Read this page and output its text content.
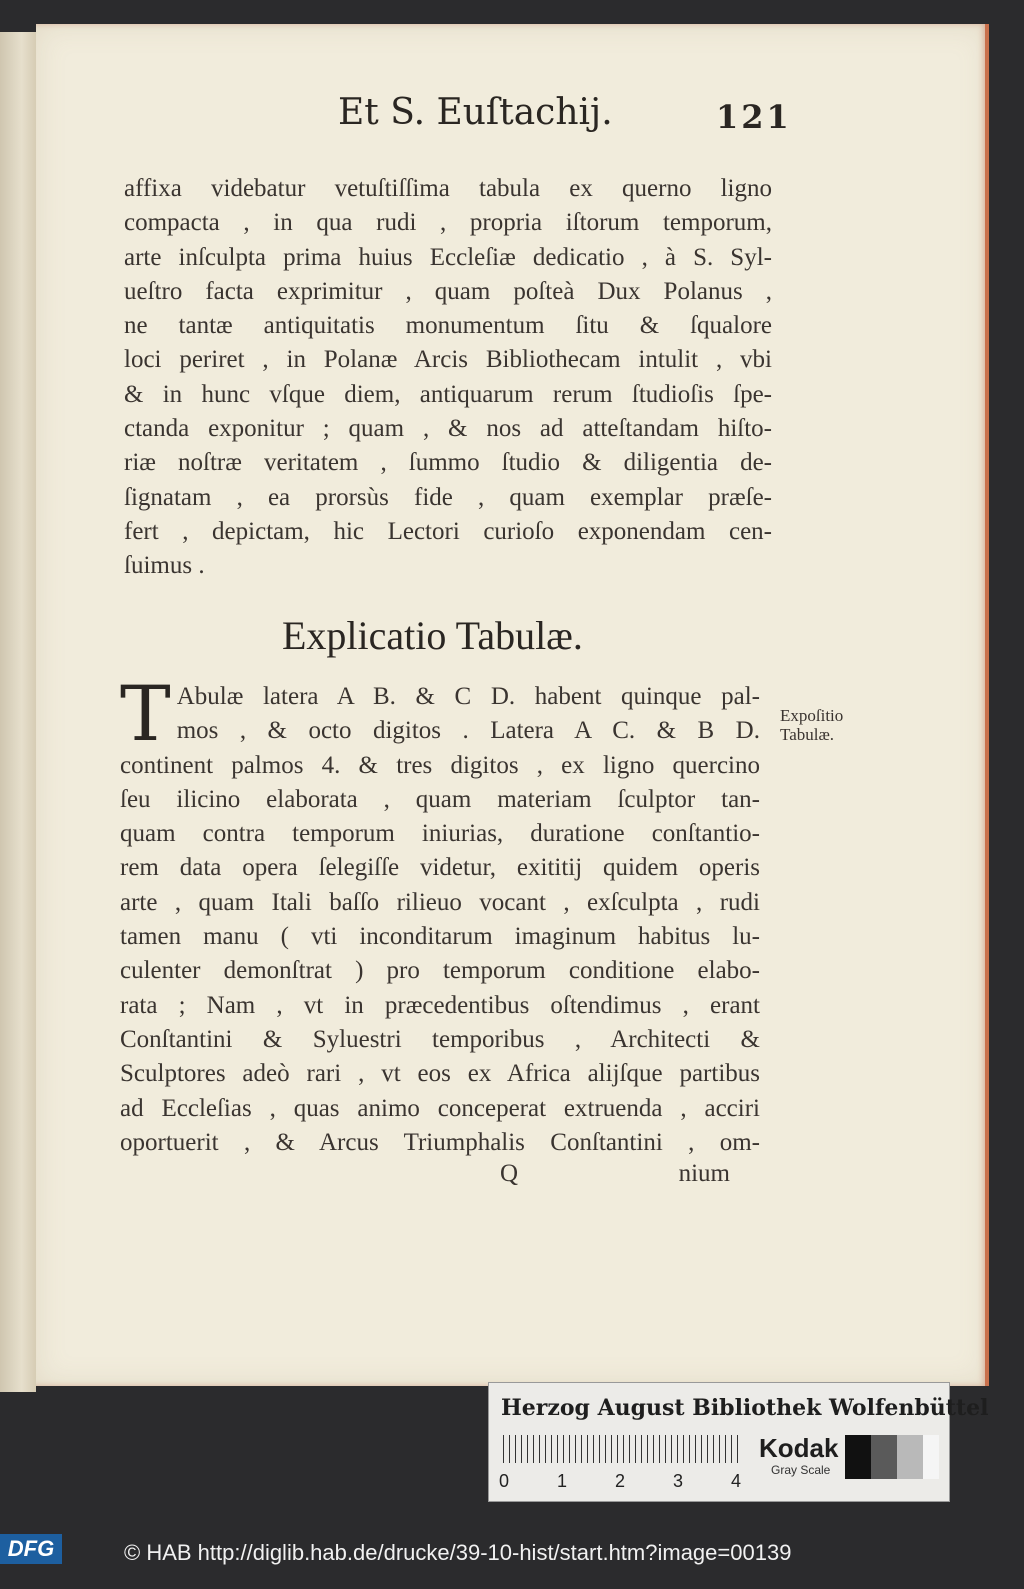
Et S. Euſtachij.	121
affixa videbatur vetuſtiſſima tabula ex querno ligno
compacta , in qua rudi , propria iſtorum temporum,
arte inſculpta prima huius Eccleſiæ dedicatio , à S. Syl-
ueſtro facta exprimitur , quam poſteà Dux Polanus ,
ne tantæ antiquitatis monumentum ſitu & ſqualore
loci periret , in Polanæ Arcis Bibliothecam intulit , vbi
& in hunc vſque diem, antiquarum rerum ſtudioſis ſpe-
ctanda exponitur ; quam , & nos ad atteſtandam hiſto-
riæ noſtræ veritatem , ſummo ſtudio & diligentia de-
ſignatam , ea prorsùs fide , quam exemplar præſe-
fert , depictam, hic Lectori curioſo exponendam cen-
ſuimus .
Explicatio Tabulæ.
T Abulæ latera A B. & C D. habent quinque pal-
mos , & octo digitos . Latera A C. & B D.
continent palmos 4. & tres digitos , ex ligno quercino
ſeu ilicino elaborata , quam materiam ſculptor tan-
quam contra temporum iniurias, duratione conſtantio-
rem data opera ſelegiſſe videtur, exititij quidem operis
arte , quam Itali baſſo rilieuo vocant , exſculpta , rudi
tamen manu ( vti inconditarum imaginum habitus lu-
culenter demonſtrat ) pro temporum conditione elabo-
rata ; Nam , vt in præcedentibus oſtendimus , erant
Conſtantini & Syluestri temporibus , Architecti &
Sculptores adeò rari , vt eos ex Africa alijſque partibus
ad Eccleſias , quas animo conceperat extruenda , acciri
oportuerit , & Arcus Triumphalis Conſtantini , om-
Expoſitio
Tabulæ.
Q	nium
Herzog August Bibliothek Wolfenbüttel
0	1	2	3	4
Kodak
Gray Scale
DFG	© HAB http://diglib.hab.de/drucke/39-10-hist/start.htm?image=00139
